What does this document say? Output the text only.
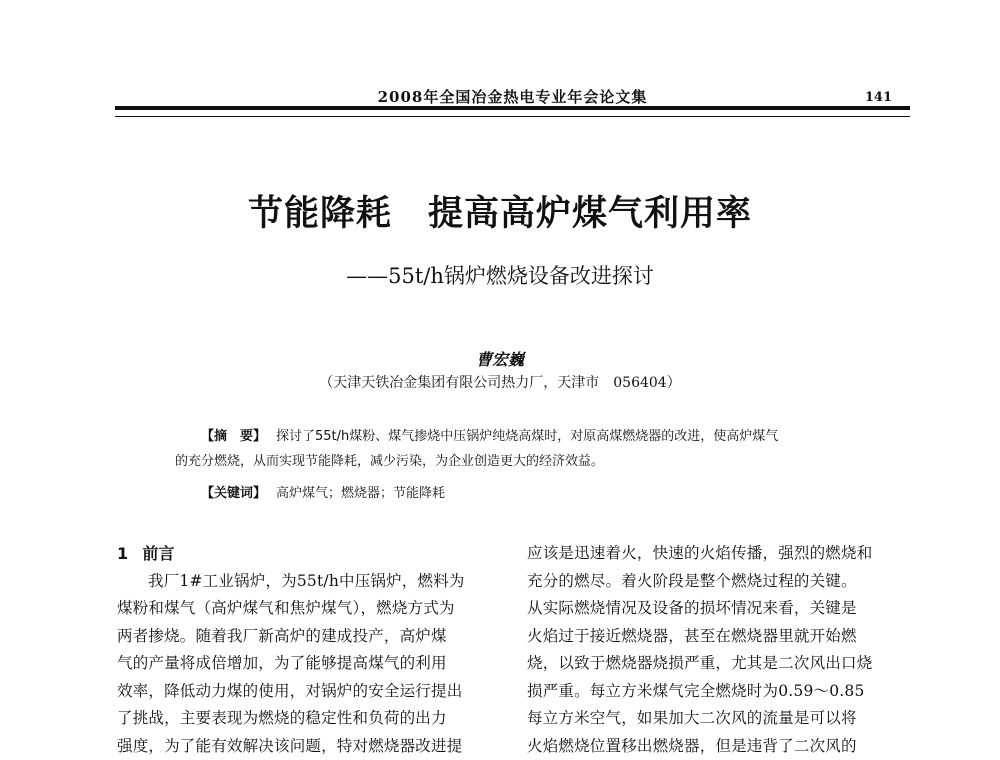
2008年全国冶金热电专业年会论文集	141
节能降耗　提高高炉煤气利用率
——55t/h锅炉燃烧设备改进探讨
曹宏巍
（天津天铁冶金集团有限公司热力厂，天津市　056404）

【摘　要】 探讨了55t/h煤粉、煤气掺烧中压锅炉纯烧高煤时，对原高煤燃烧器的改进，使高炉煤气

的充分燃烧，从而实现节能降耗，减少污染，为企业创造更大的经济效益。

【关键词】 高炉煤气；燃烧器；节能降耗

1 前言

我厂1#工业锅炉，为55t/h中压锅炉，燃料为

煤粉和煤气（高炉煤气和焦炉煤气），燃烧方式为

两者掺烧。随着我厂新高炉的建成投产，高炉煤

气的产量将成倍增加，为了能够提高煤气的利用

效率，降低动力煤的使用，对锅炉的安全运行提出

了挑战，主要表现为燃烧的稳定性和负荷的出力

强度，为了能有效解决该问题，特对燃烧器改进提

应该是迅速着火，快速的火焰传播，强烈的燃烧和

充分的燃尽。着火阶段是整个燃烧过程的关键。

从实际燃烧情况及设备的损坏情况来看，关键是

火焰过于接近燃烧器，甚至在燃烧器里就开始燃

烧，以致于燃烧器烧损严重，尤其是二次风出口烧

损严重。每立方米煤气完全燃烧时为0.59～0.85

每立方米空气，如果加大二次风的流量是可以将

火焰燃烧位置移出燃烧器，但是违背了二次风的
